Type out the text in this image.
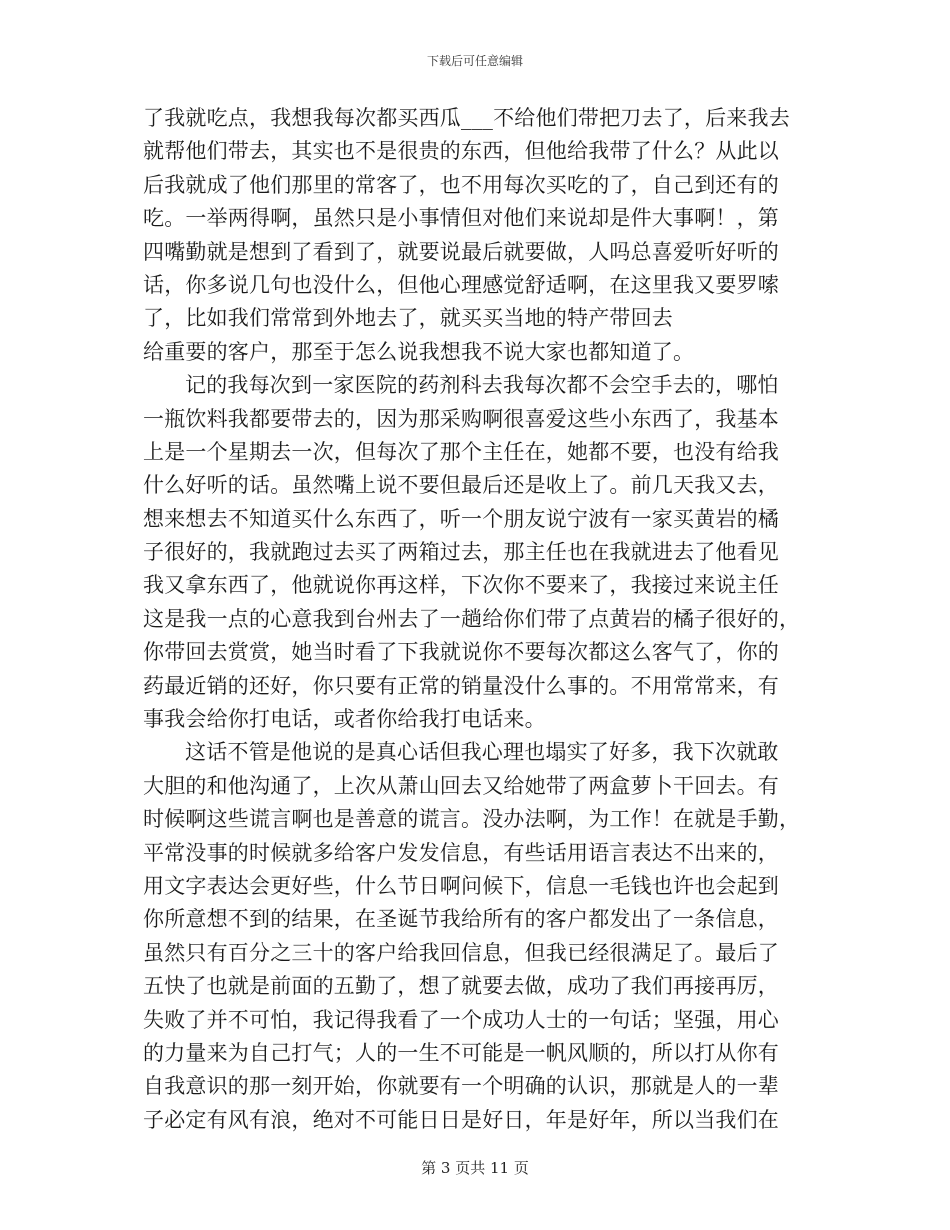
下载后可任意编辑
了我就吃点，我想我每次都买西瓜___不给他们带把刀去了，后来我去
就帮他们带去，其实也不是很贵的东西，但他给我带了什么？从此以
后我就成了他们那里的常客了，也不用每次买吃的了，自己到还有的
吃。一举两得啊，虽然只是小事情但对他们来说却是件大事啊！，第
四嘴勤就是想到了看到了，就要说最后就要做，人吗总喜爱听好听的
话，你多说几句也没什么，但他心理感觉舒适啊，在这里我又要罗嗦
了，比如我们常常到外地去了，就买买当地的特产带回去
给重要的客户，那至于怎么说我想我不说大家也都知道了。
记的我每次到一家医院的药剂科去我每次都不会空手去的，哪怕
一瓶饮料我都要带去的，因为那采购啊很喜爱这些小东西了，我基本
上是一个星期去一次，但每次了那个主任在，她都不要，也没有给我
什么好听的话。虽然嘴上说不要但最后还是收上了。前几天我又去，
想来想去不知道买什么东西了，听一个朋友说宁波有一家买黄岩的橘
子很好的，我就跑过去买了两箱过去，那主任也在我就进去了他看见
我又拿东西了，他就说你再这样，下次你不要来了，我接过来说主任
这是我一点的心意我到台州去了一趟给你们带了点黄岩的橘子很好的，
你带回去赏赏，她当时看了下我就说你不要每次都这么客气了，你的
药最近销的还好，你只要有正常的销量没什么事的。不用常常来，有
事我会给你打电话，或者你给我打电话来。
这话不管是他说的是真心话但我心理也塌实了好多，我下次就敢
大胆的和他沟通了，上次从萧山回去又给她带了两盒萝卜干回去。有
时候啊这些谎言啊也是善意的谎言。没办法啊，为工作！在就是手勤，
平常没事的时候就多给客户发发信息，有些话用语言表达不出来的，
用文字表达会更好些，什么节日啊问候下，信息一毛钱也许也会起到
你所意想不到的结果，在圣诞节我给所有的客户都发出了一条信息，
虽然只有百分之三十的客户给我回信息，但我已经很满足了。最后了
五快了也就是前面的五勤了，想了就要去做，成功了我们再接再厉，
失败了并不可怕，我记得我看了一个成功人士的一句话；坚强，用心
的力量来为自己打气；人的一生不可能是一帆风顺的，所以打从你有
自我意识的那一刻开始，你就要有一个明确的认识，那就是人的一辈
子必定有风有浪，绝对不可能日日是好日，年是好年，所以当我们在
第 3 页共 11 页
